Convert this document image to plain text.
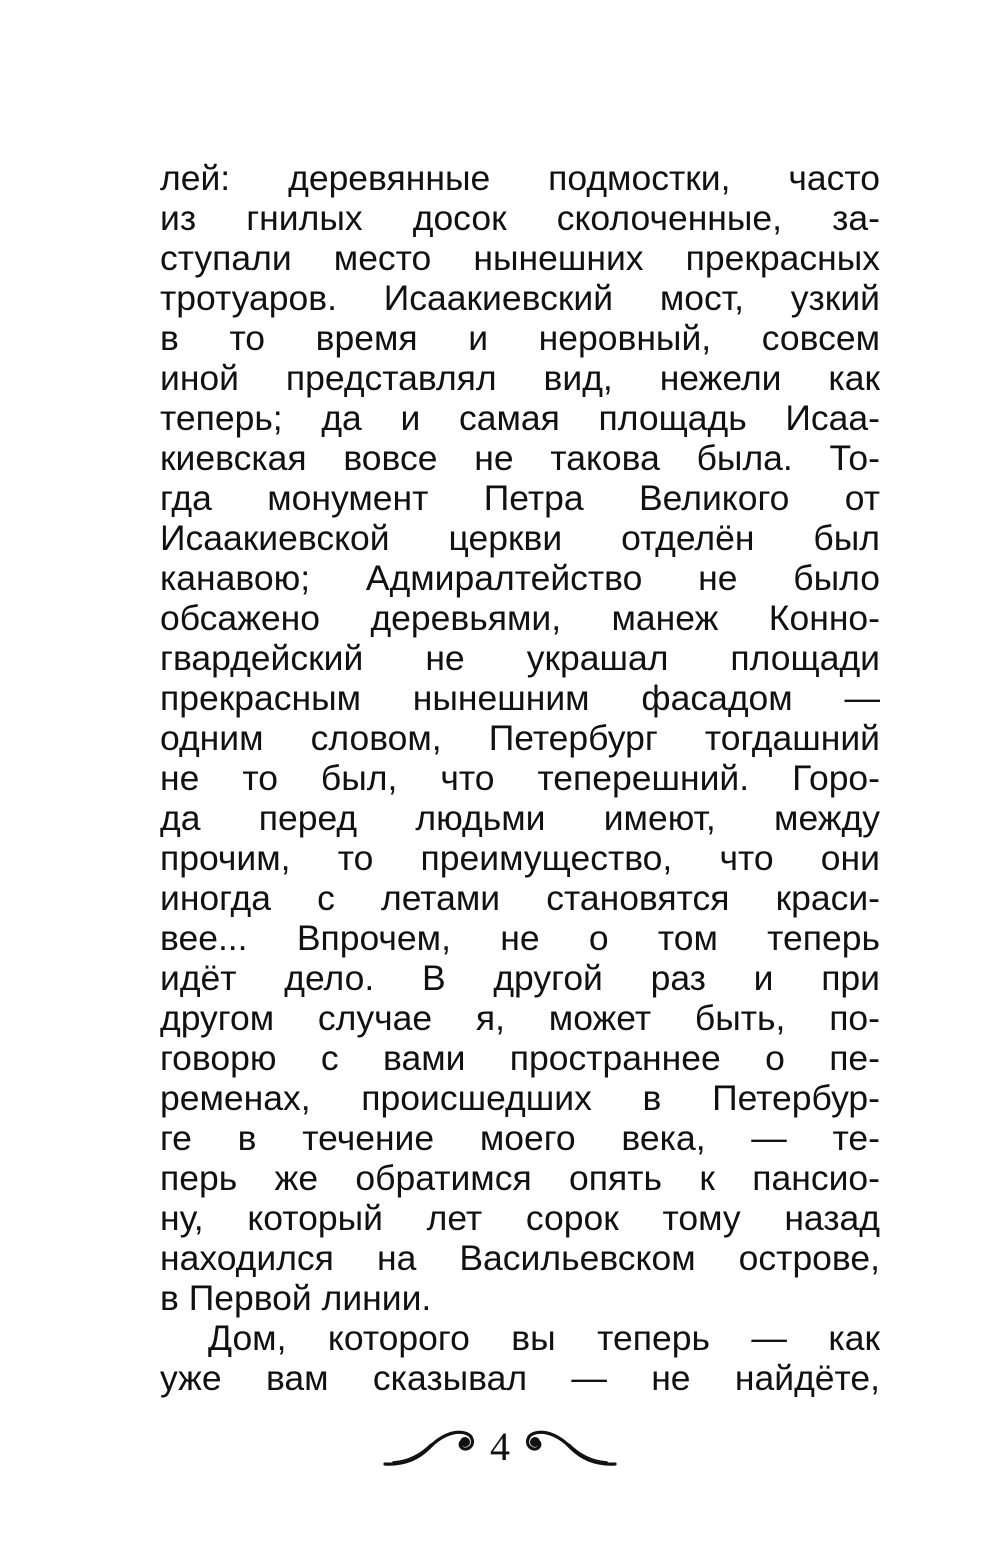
лей: деревянные подмостки, часто
из гнилых досок сколоченные, за-
ступали место нынешних прекрасных
тротуаров. Исаакиевский мост, узкий
в то время и неровный, совсем
иной представлял вид, нежели как
теперь; да и самая площадь Исаа-
киевская вовсе не такова была. То-
гда монумент Петра Великого от
Исаакиевской церкви отделён был
канавою; Адмиралтейство не было
обсажено деревьями, манеж Конно-
гвардейский не украшал площади
прекрасным нынешним фасадом —
одним словом, Петербург тогдашний
не то был, что теперешний. Горо-
да перед людьми имеют, между
прочим, то преимущество, что они
иногда с летами становятся краси-
вее... Впрочем, не о том теперь
идёт дело. В другой раз и при
другом случае я, может быть, по-
говорю с вами пространнее о пе-
ременах, происшедших в Петербур-
ге в течение моего века, — те-
перь же обратимся опять к пансио-
ну, который лет сорок тому назад
находился на Васильевском острове,
в Первой линии.
Дом, которого вы теперь — как
уже вам сказывал — не найдёте,
4
